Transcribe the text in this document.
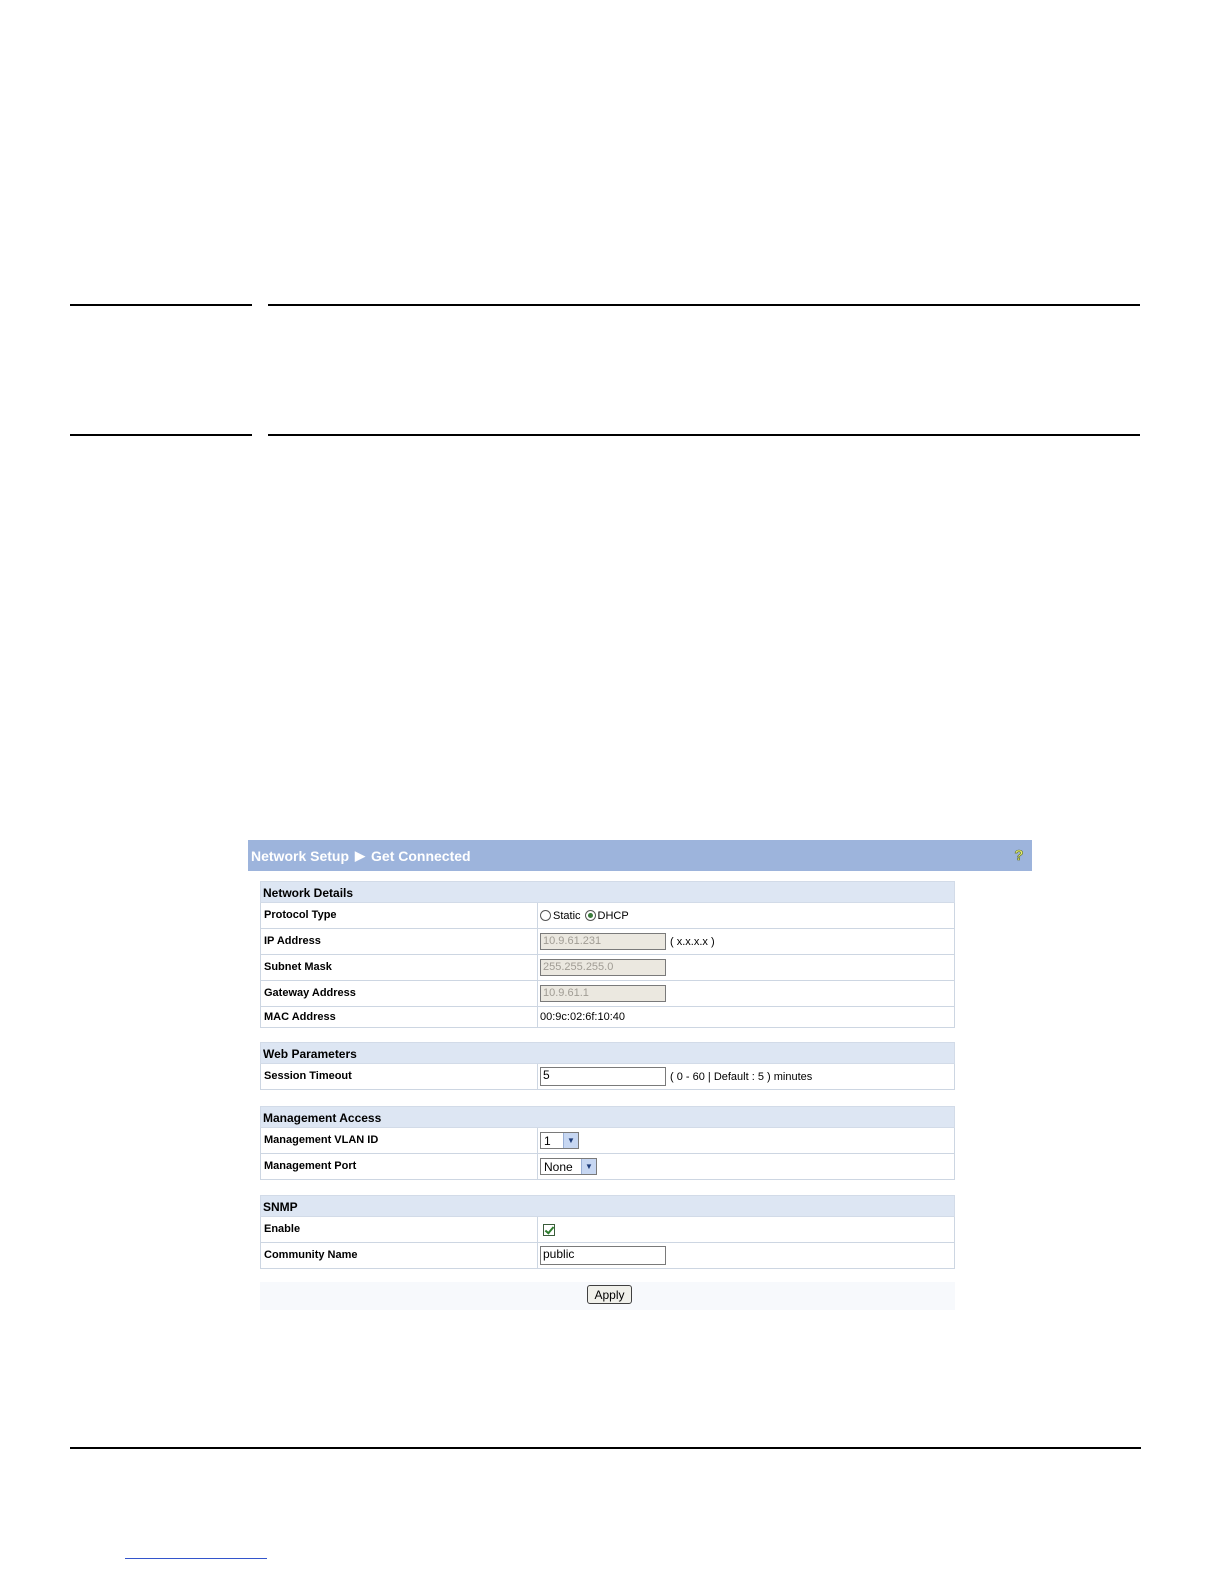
Network Setup ▶ Get Connected	?
Network Details
Protocol Type	Static DHCP
IP Address	10.9.61.231	( x.x.x.x )
Subnet Mask	255.255.255.0
Gateway Address	10.9.61.1
MAC Address	00:9c:02:6f:10:40
Web Parameters
Session Timeout	5	( 0 - 60 | Default : 5 ) minutes
Management Access
Management VLAN ID	1	▼
Management Port	None	▼
SNMP
Enable
Community Name	public
Apply
